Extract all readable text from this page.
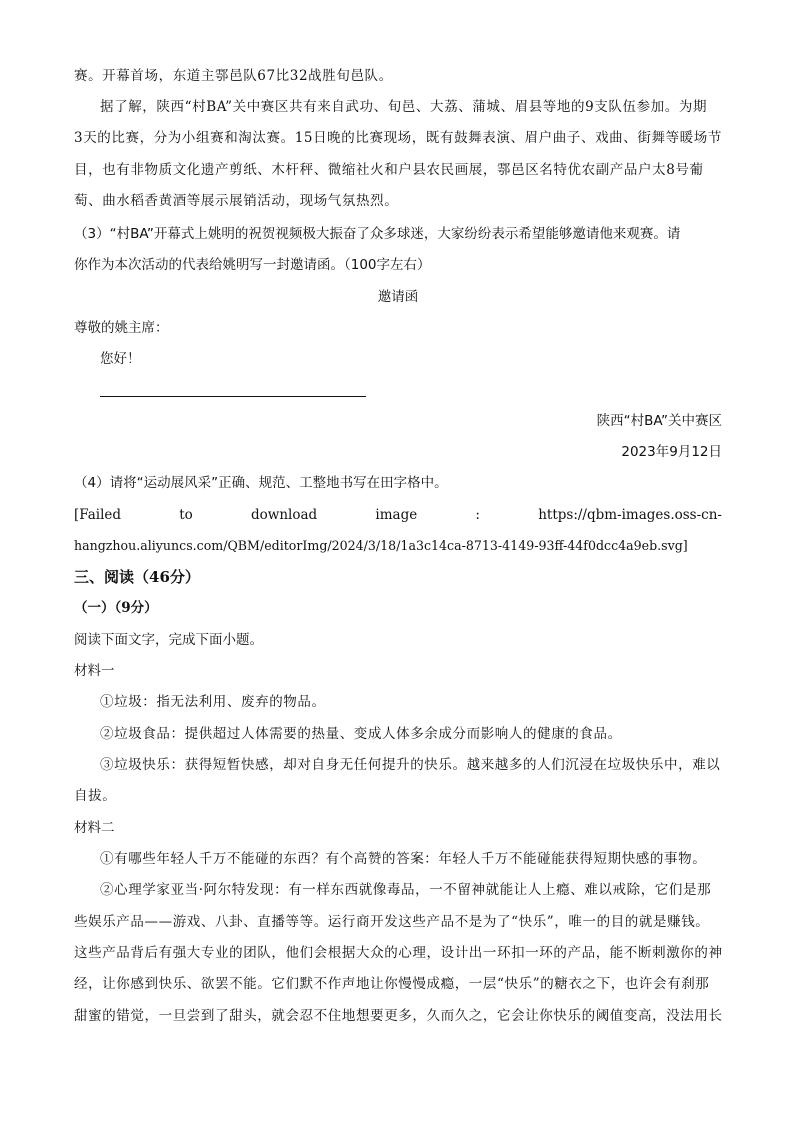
赛。开幕首场，东道主鄠邑队67比32战胜旬邑队。
据了解，陕西“村BA”关中赛区共有来自武功、旬邑、大荔、蒲城、眉县等地的9支队伍参加。为期
3天的比赛，分为小组赛和淘汰赛。15日晚的比赛现场，既有鼓舞表演、眉户曲子、戏曲、街舞等暖场节
目，也有非物质文化遗产剪纸、木杆秤、微缩社火和户县农民画展，鄠邑区名特优农副产品户太8号葡
萄、曲水稻香黄酒等展示展销活动，现场气氛热烈。
（3）“村BA”开幕式上姚明的祝贺视频极大振奋了众多球迷，大家纷纷表示希望能够邀请他来观赛。请
你作为本次活动的代表给姚明写一封邀请函。（100字左右）
邀请函
尊敬的姚主席：
您好！
陕西“村BA”关中赛区
2023年9月12日
（4）请将“运动展风采”正确、规范、工整地书写在田字格中。
[Failed to download image : https://qbm-images.oss-cn-
hangzhou.aliyuncs.com/QBM/editorImg/2024/3/18/1a3c14ca-8713-4149-93ff-44f0dcc4a9eb.svg]
三、阅读（46分）
（一）（9分）
阅读下面文字，完成下面小题。
材料一
①垃圾：指无法利用、废弃的物品。
②垃圾食品：提供超过人体需要的热量、变成人体多余成分而影响人的健康的食品。
③垃圾快乐：获得短暂快感，却对自身无任何提升的快乐。越来越多的人们沉浸在垃圾快乐中，难以
自拔。
材料二
①有哪些年轻人千万不能碰的东西？有个高赞的答案：年轻人千万不能碰能获得短期快感的事物。
②心理学家亚当·阿尔特发现：有一样东西就像毒品，一不留神就能让人上瘾、难以戒除，它们是那
些娱乐产品——游戏、八卦、直播等等。运行商开发这些产品不是为了“快乐”，唯一的目的就是赚钱。
这些产品背后有强大专业的团队，他们会根据大众的心理，设计出一环扣一环的产品，能不断刺激你的神
经，让你感到快乐、欲罢不能。它们默不作声地让你慢慢成瘾，一层“快乐”的糖衣之下，也许会有刹那
甜蜜的错觉，一旦尝到了甜头，就会忍不住地想要更多，久而久之，它会让你快乐的阈值变高，没法用长
